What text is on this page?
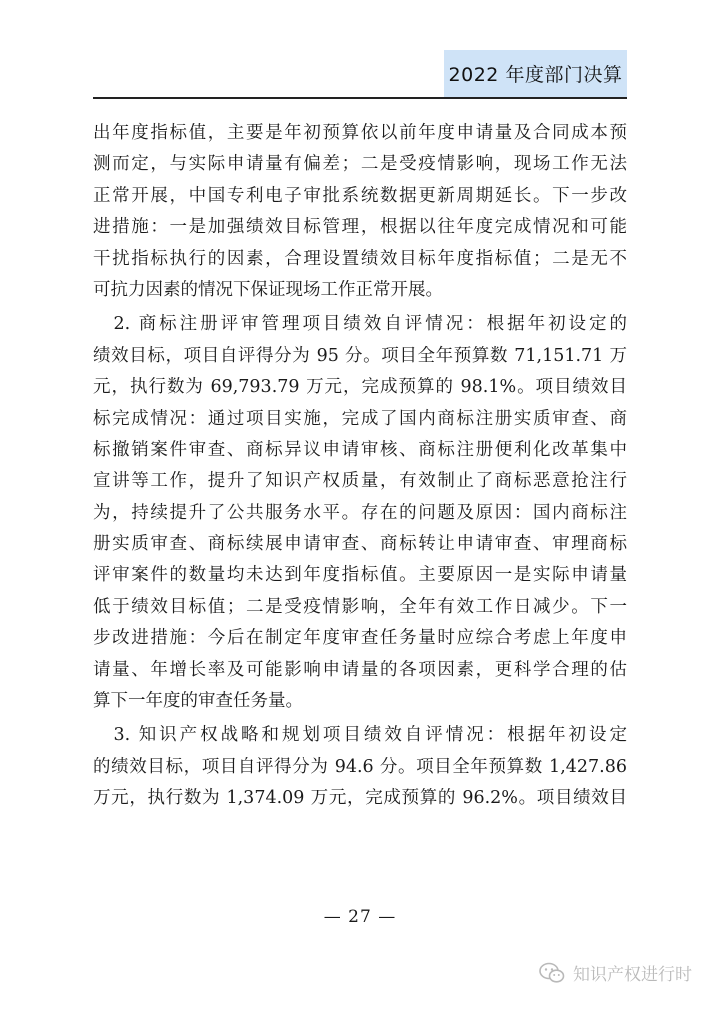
2022 年度部门决算
出年度指标值，主要是年初预算依以前年度申请量及合同成本预
测而定，与实际申请量有偏差；二是受疫情影响，现场工作无法
正常开展，中国专利电子审批系统数据更新周期延长。下一步改
进措施：一是加强绩效目标管理，根据以往年度完成情况和可能
干扰指标执行的因素，合理设置绩效目标年度指标值；二是无不
可抗力因素的情况下保证现场工作正常开展。
　2. 商标注册评审管理项目绩效自评情况：根据年初设定的
绩效目标，项目自评得分为 95 分。项目全年预算数 71,151.71 万
元，执行数为 69,793.79 万元，完成预算的 98.1%。项目绩效目
标完成情况：通过项目实施，完成了国内商标注册实质审查、商
标撤销案件审查、商标异议申请审核、商标注册便利化改革集中
宣讲等工作，提升了知识产权质量，有效制止了商标恶意抢注行
为，持续提升了公共服务水平。存在的问题及原因：国内商标注
册实质审查、商标续展申请审查、商标转让申请审查、审理商标
评审案件的数量均未达到年度指标值。主要原因一是实际申请量
低于绩效目标值；二是受疫情影响，全年有效工作日减少。下一
步改进措施：今后在制定年度审查任务量时应综合考虑上年度申
请量、年增长率及可能影响申请量的各项因素，更科学合理的估
算下一年度的审查任务量。
　3. 知识产权战略和规划项目绩效自评情况：根据年初设定
的绩效目标，项目自评得分为 94.6 分。项目全年预算数 1,427.86
万元，执行数为 1,374.09 万元，完成预算的 96.2%。项目绩效目
— 27 —
知识产权进行时
